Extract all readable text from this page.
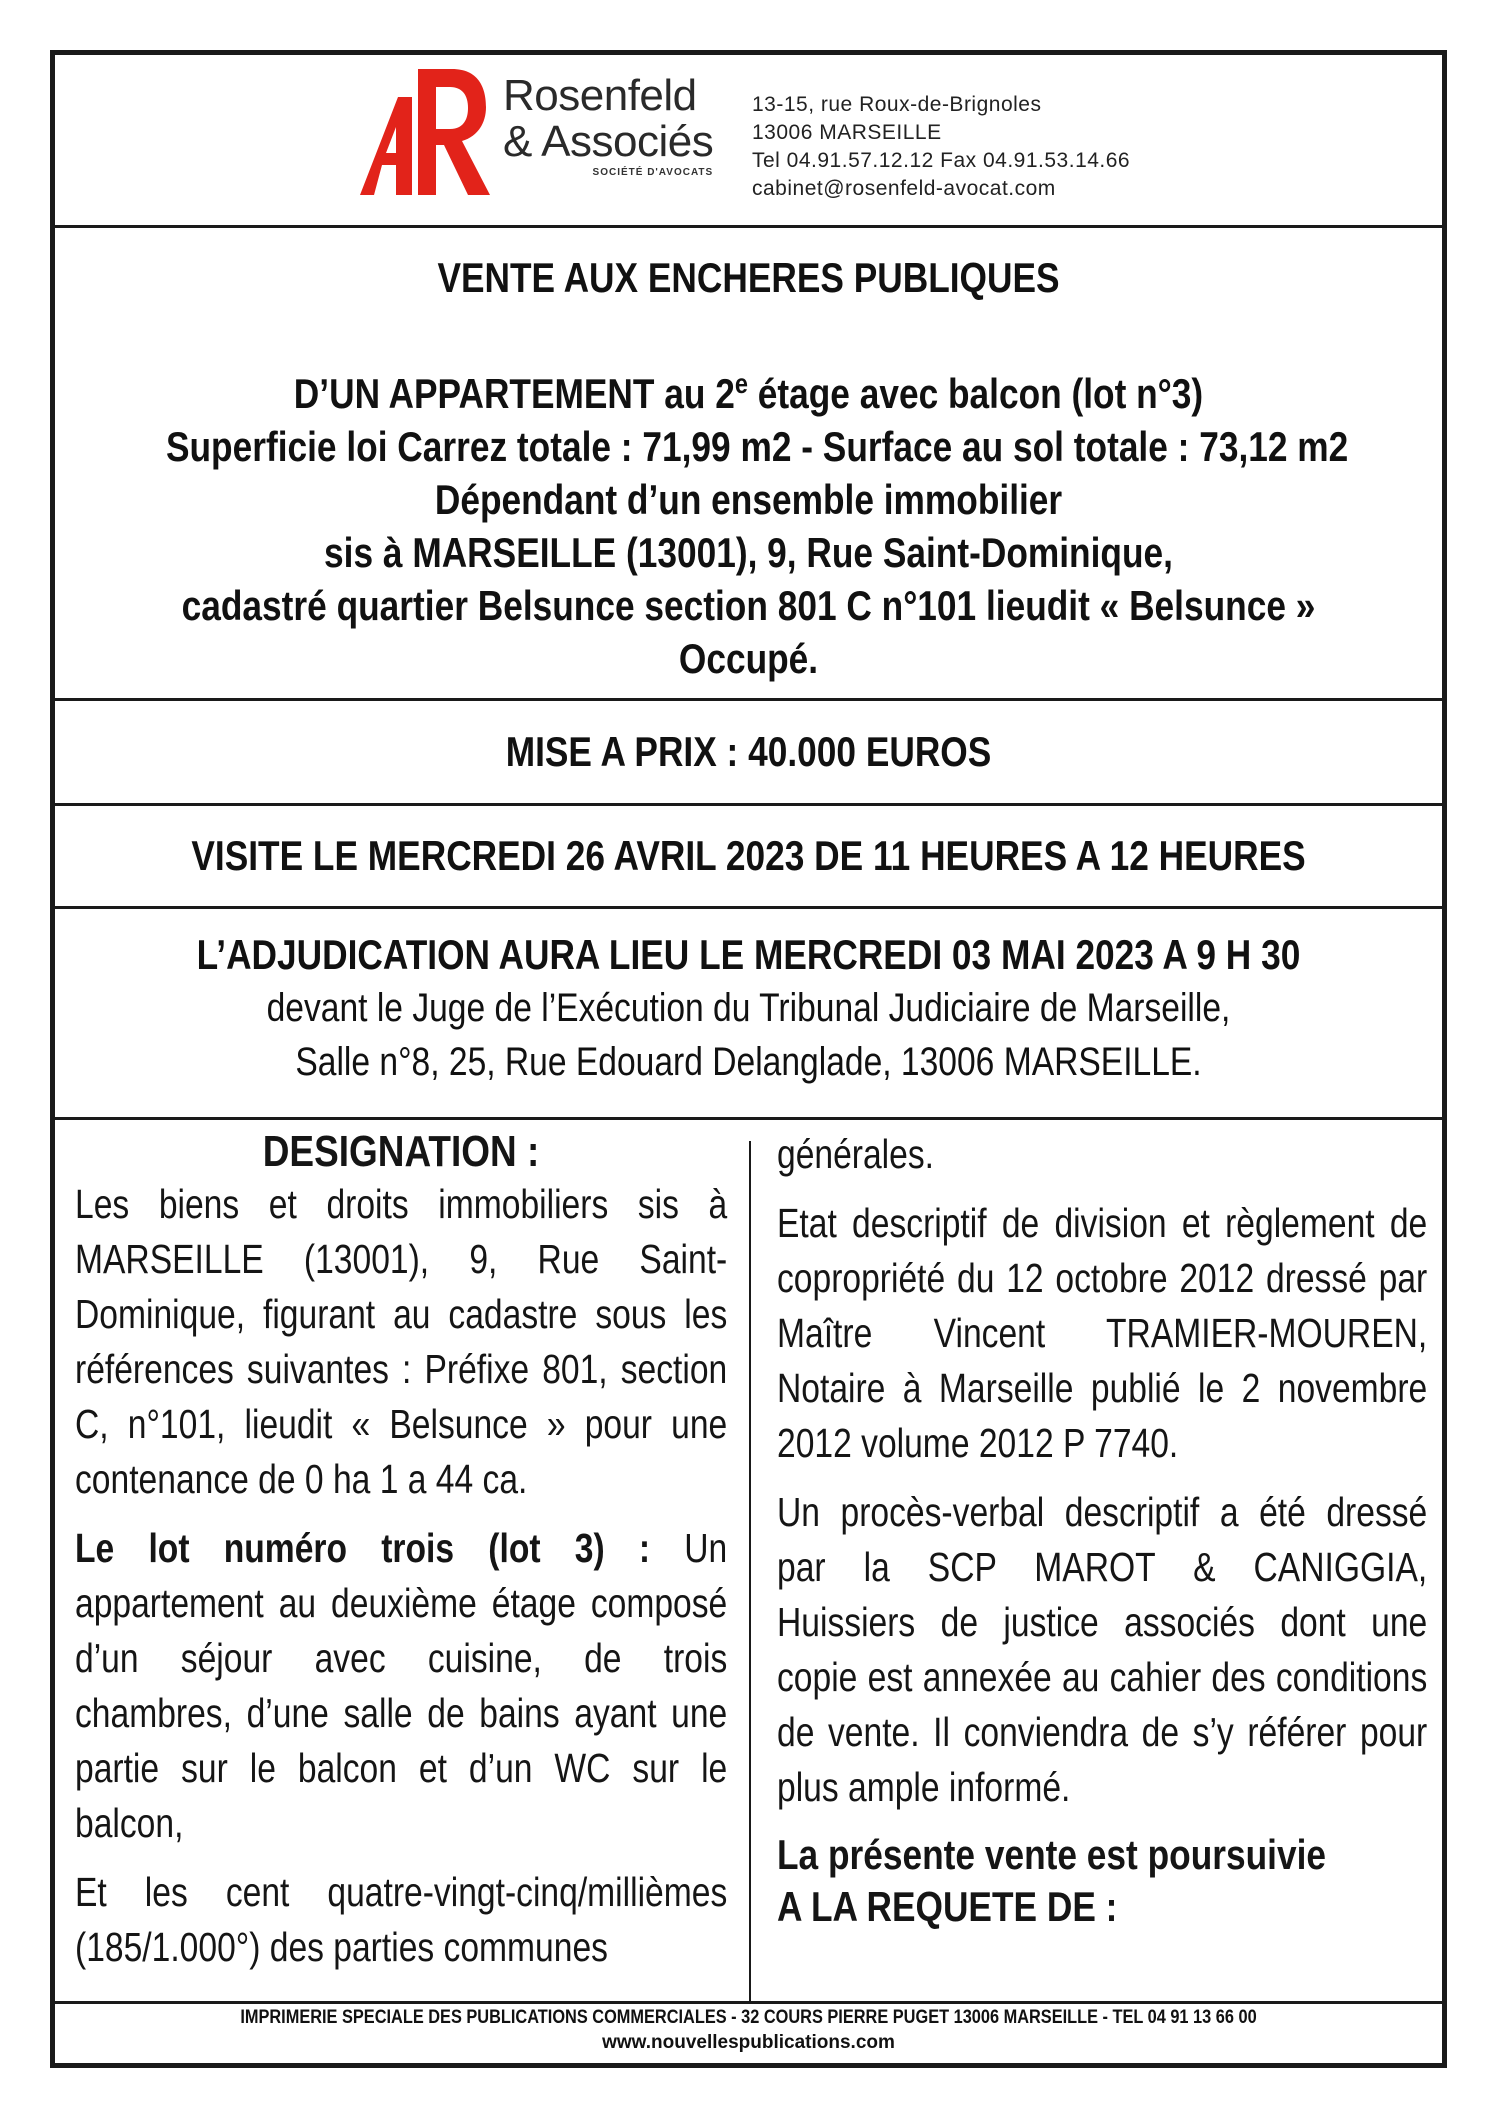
Rosenfeld
& Associés
SOCIÉTÉ D'AVOCATS
13-15, rue Roux-de-Brignoles
13006 MARSEILLE
Tel 04.91.57.12.12 Fax 04.91.53.14.66
cabinet@rosenfeld-avocat.com
VENTE AUX ENCHERES PUBLIQUES
D’UN APPARTEMENT au 2e étage avec balcon (lot n°3)
Superficie loi Carrez totale : 71,99 m2 - Surface au sol totale : 73,12 m2
Dépendant d’un ensemble immobilier
sis à MARSEILLE (13001), 9, Rue Saint-Dominique,
cadastré quartier Belsunce section 801 C n°101 lieudit « Belsunce »
Occupé.
MISE A PRIX : 40.000 EUROS
VISITE LE MERCREDI 26 AVRIL 2023 DE 11 HEURES A 12 HEURES
L’ADJUDICATION AURA LIEU LE MERCREDI 03 MAI 2023 A 9 H 30
devant le Juge de l’Exécution du Tribunal Judiciaire de Marseille,
Salle n°8, 25, Rue Edouard Delanglade, 13006 MARSEILLE.
DESIGNATION :

Les biens et droits immobiliers sis à MARSEILLE (13001), 9, Rue Saint-Dominique, figurant au cadastre sous les références suivantes : Préfixe 801, section C, n°101, lieudit « Belsunce » pour une contenance de 0 ha 1 a 44 ca.

Le lot numéro trois (lot 3) : Un appartement au deuxième étage composé d’un séjour avec cuisine, de trois chambres, d’une salle de bains ayant une partie sur le balcon et d’un WC sur le balcon,

Et les cent quatre-vingt-cinq/millièmes (185/1.000°) des parties communes

générales.

Etat descriptif de division et règlement de copropriété du 12 octobre 2012 dressé par Maître Vincent TRAMIER-MOUREN, Notaire à Marseille publié le 2 novembre 2012 volume 2012 P 7740.

Un procès-verbal descriptif a été dressé par la SCP MAROT & CANIGGIA, Huissiers de justice associés dont une copie est annexée au cahier des conditions de vente. Il conviendra de s’y référer pour plus ample informé.

La présente vente est poursuivie
A LA REQUETE DE :
IMPRIMERIE SPECIALE DES PUBLICATIONS COMMERCIALES - 32 COURS PIERRE PUGET 13006 MARSEILLE - TEL 04 91 13 66 00
www.nouvellespublications.com
